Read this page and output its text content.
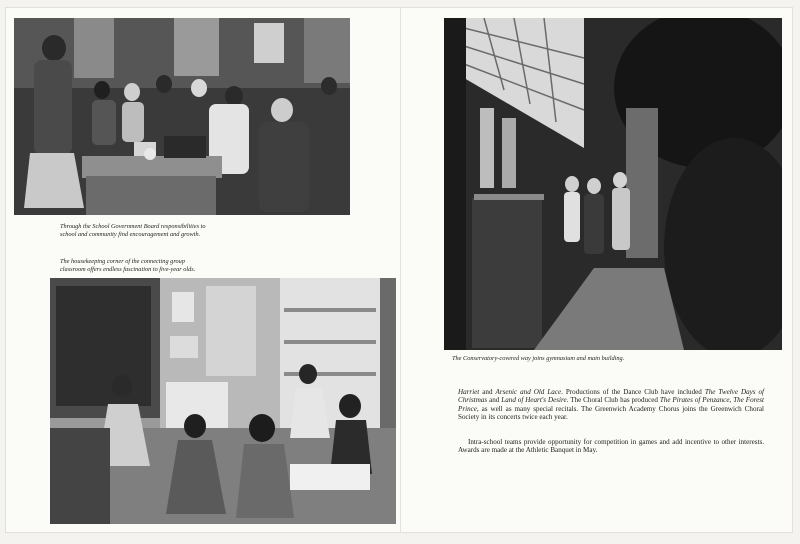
Through the School Government Board responsibilities to
school and community find encouragement and growth.
The housekeeping corner of the connecting group
classroom offers endless fascination to five-year olds.
The Conservatory-covered way joins gymnasium and main building.

Harriet and Arsenic and Old Lace. Productions of the Dance Club have included The Twelve Days of Christmas and Land of Heart's Desire. The Choral Club has produced The Pirates of Penzance, The Forest Prince, as well as many special recitals. The Greenwich Academy Chorus joins the Greenwich Choral Society in its concerts twice each year.

Intra-school teams provide opportunity for competition in games and add incentive to other interests. Awards are made at the Athletic Banquet in May.
